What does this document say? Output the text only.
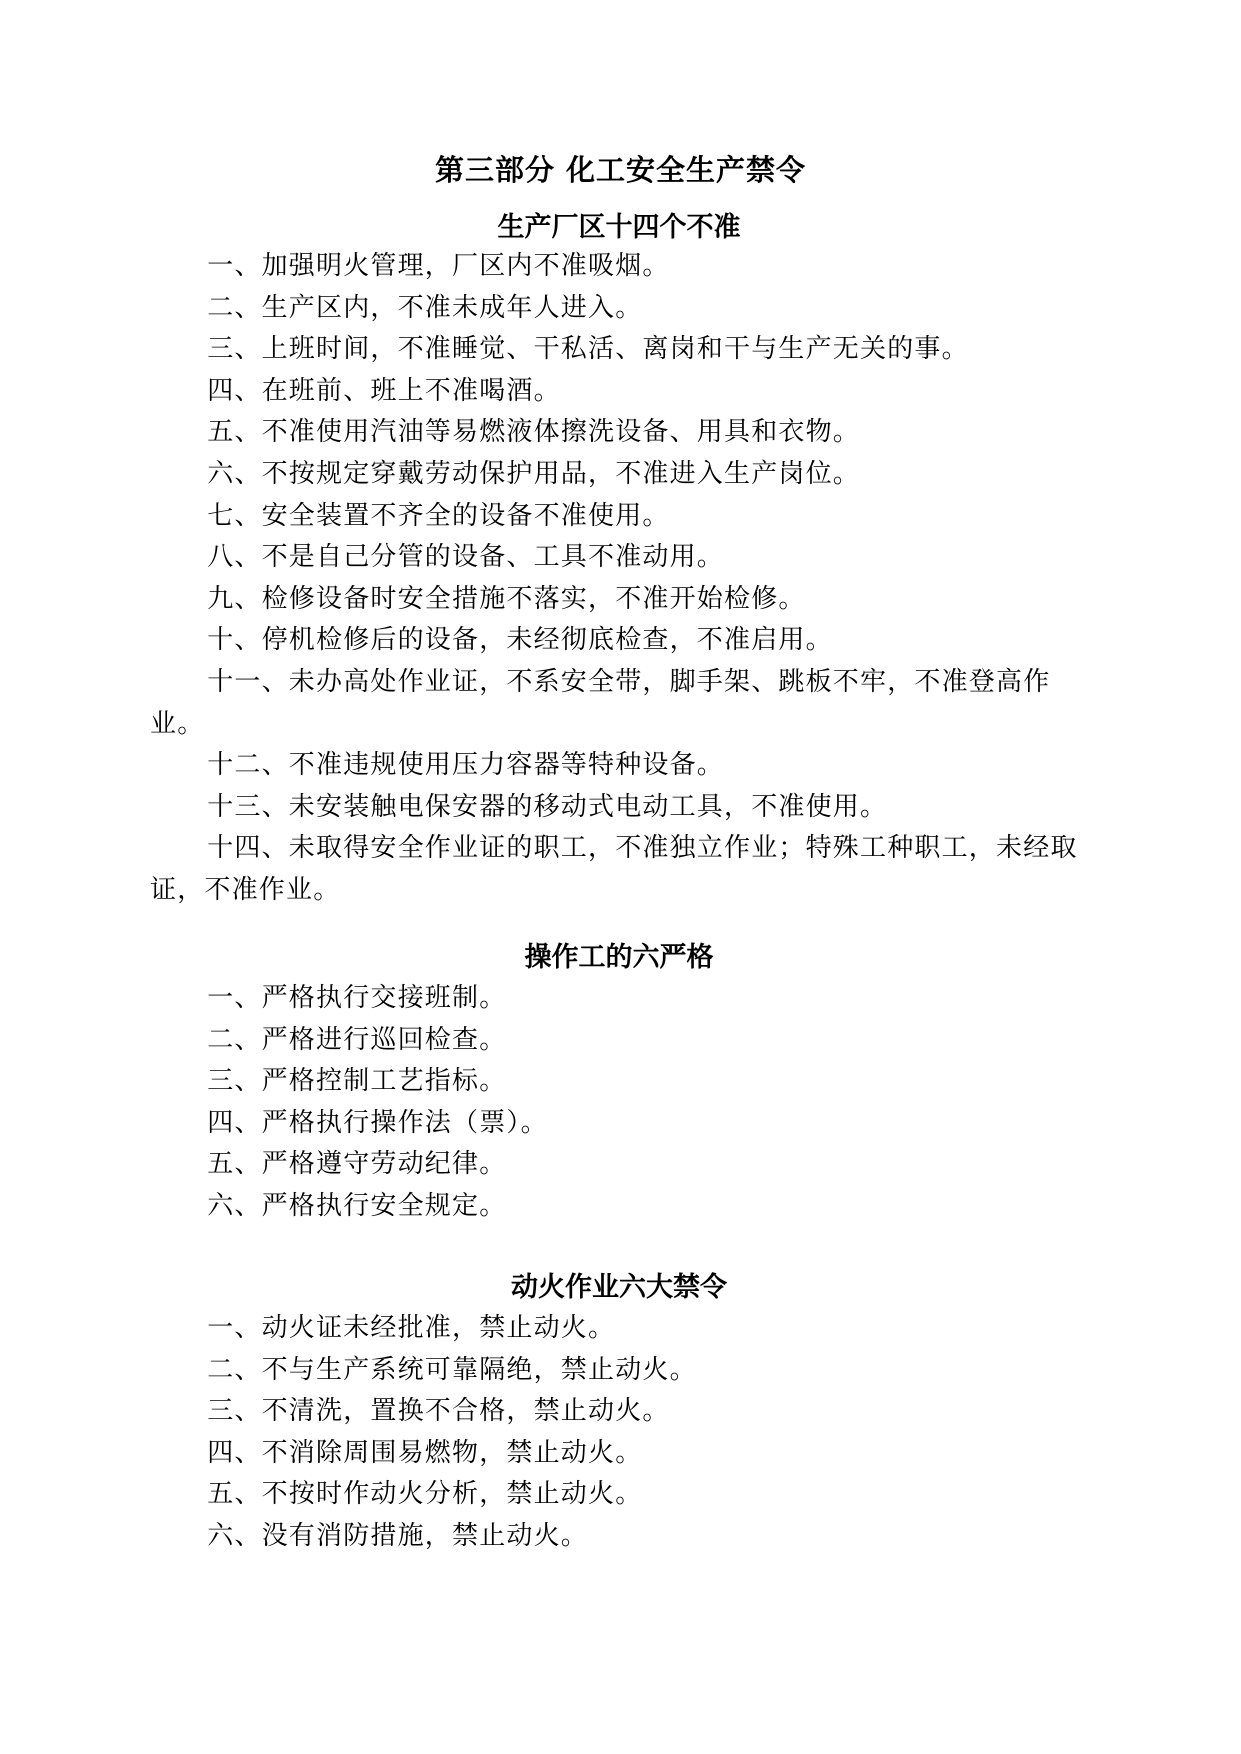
第三部分 化工安全生产禁令
生产厂区十四个不准

一、加强明火管理，厂区内不准吸烟。

二、生产区内，不准未成年人进入。

三、上班时间，不准睡觉、干私活、离岗和干与生产无关的事。

四、在班前、班上不准喝酒。

五、不准使用汽油等易燃液体擦洗设备、用具和衣物。

六、不按规定穿戴劳动保护用品，不准进入生产岗位。

七、安全装置不齐全的设备不准使用。

八、不是自己分管的设备、工具不准动用。

九、检修设备时安全措施不落实，不准开始检修。

十、停机检修后的设备，未经彻底检查，不准启用。

十一、未办高处作业证，不系安全带，脚手架、跳板不牢，不准登高作业。

十二、不准违规使用压力容器等特种设备。

十三、未安装触电保安器的移动式电动工具，不准使用。

十四、未取得安全作业证的职工，不准独立作业；特殊工种职工，未经取证，不准作业。

操作工的六严格

一、严格执行交接班制。

二、严格进行巡回检查。

三、严格控制工艺指标。

四、严格执行操作法（票）。

五、严格遵守劳动纪律。

六、严格执行安全规定。

动火作业六大禁令

一、动火证未经批准，禁止动火。

二、不与生产系统可靠隔绝，禁止动火。

三、不清洗，置换不合格，禁止动火。

四、不消除周围易燃物，禁止动火。

五、不按时作动火分析，禁止动火。

六、没有消防措施，禁止动火。
